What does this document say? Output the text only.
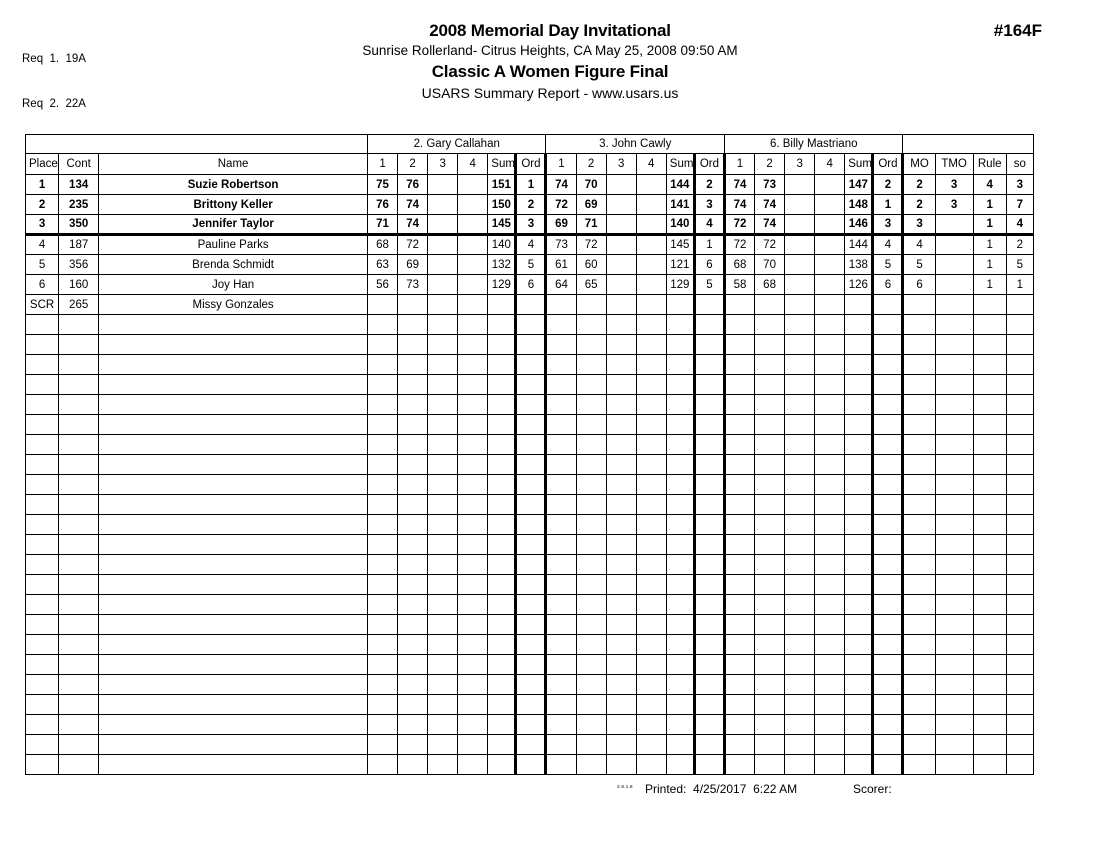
Req  1.  19A

Req  2.  22A

2008 Memorial Day Invitational
Sunrise Rollerland- Citrus Heights, CA May 25, 2008 09:50 AM
Classic A Women Figure Final
USARS Summary Report - www.usars.us
#164F
			2. Gary Callahan						3. John Cawly						6. Billy Mastriano									
Place	Cont	Name	1	2	3	4	Sum	Ord	1	2	3	4	Sum	Ord	1	2	3	4	Sum	Ord	MO	TMO	Rule	so
1	134	Suzie Robertson	75	76			151	1	74	70			144	2	74	73			147	2	2	3	4	3
2	235	Brittony Keller	76	74			150	2	72	69			141	3	74	74			148	1	2	3	1	7
3	350	Jennifer Taylor	71	74			145	3	69	71			140	4	72	74			146	3	3		1	4
4	187	Pauline Parks	68	72			140	4	73	72			145	1	72	72			144	4	4		1	2
5	356	Brenda Schmidt	63	69			132	5	61	60			121	6	68	70			138	5	5		1	5
6	160	Joy Han	56	73			129	6	64	65			129	5	58	68			126	6	6		1	1
SCR	265	Missy Gonzales																						

3.8.1.8 Printed:  4/25/2017  6:22 AM	Scorer:
